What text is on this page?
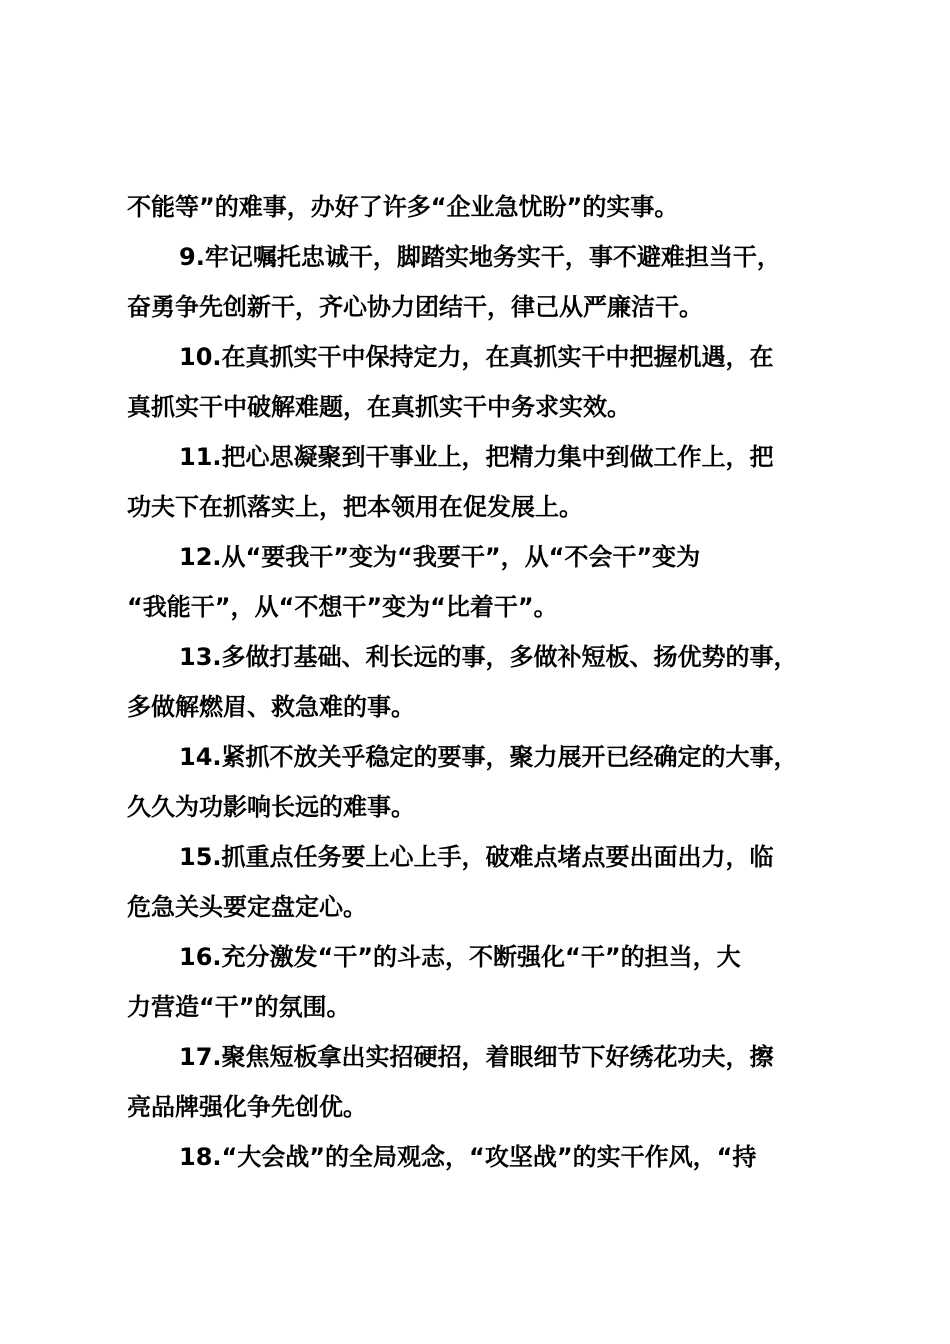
不能等”的难事，办好了许多“企业急忧盼”的实事。
9.牢记嘱托忠诚干，脚踏实地务实干，事不避难担当干，
奋勇争先创新干，齐心协力团结干，律己从严廉洁干。
10.在真抓实干中保持定力，在真抓实干中把握机遇，在
真抓实干中破解难题，在真抓实干中务求实效。
11.把心思凝聚到干事业上，把精力集中到做工作上，把
功夫下在抓落实上，把本领用在促发展上。
12.从“要我干”变为“我要干”，从“不会干”变为
“我能干”，从“不想干”变为“比着干”。
13.多做打基础、利长远的事，多做补短板、扬优势的事，
多做解燃眉、救急难的事。
14.紧抓不放关乎稳定的要事，聚力展开已经确定的大事，
久久为功影响长远的难事。
15.抓重点任务要上心上手，破难点堵点要出面出力，临
危急关头要定盘定心。
16.充分激发“干”的斗志，不断强化“干”的担当，大
力营造“干”的氛围。
17.聚焦短板拿出实招硬招，着眼细节下好绣花功夫，擦
亮品牌强化争先创优。
18.“大会战”的全局观念，“攻坚战”的实干作风，“持
